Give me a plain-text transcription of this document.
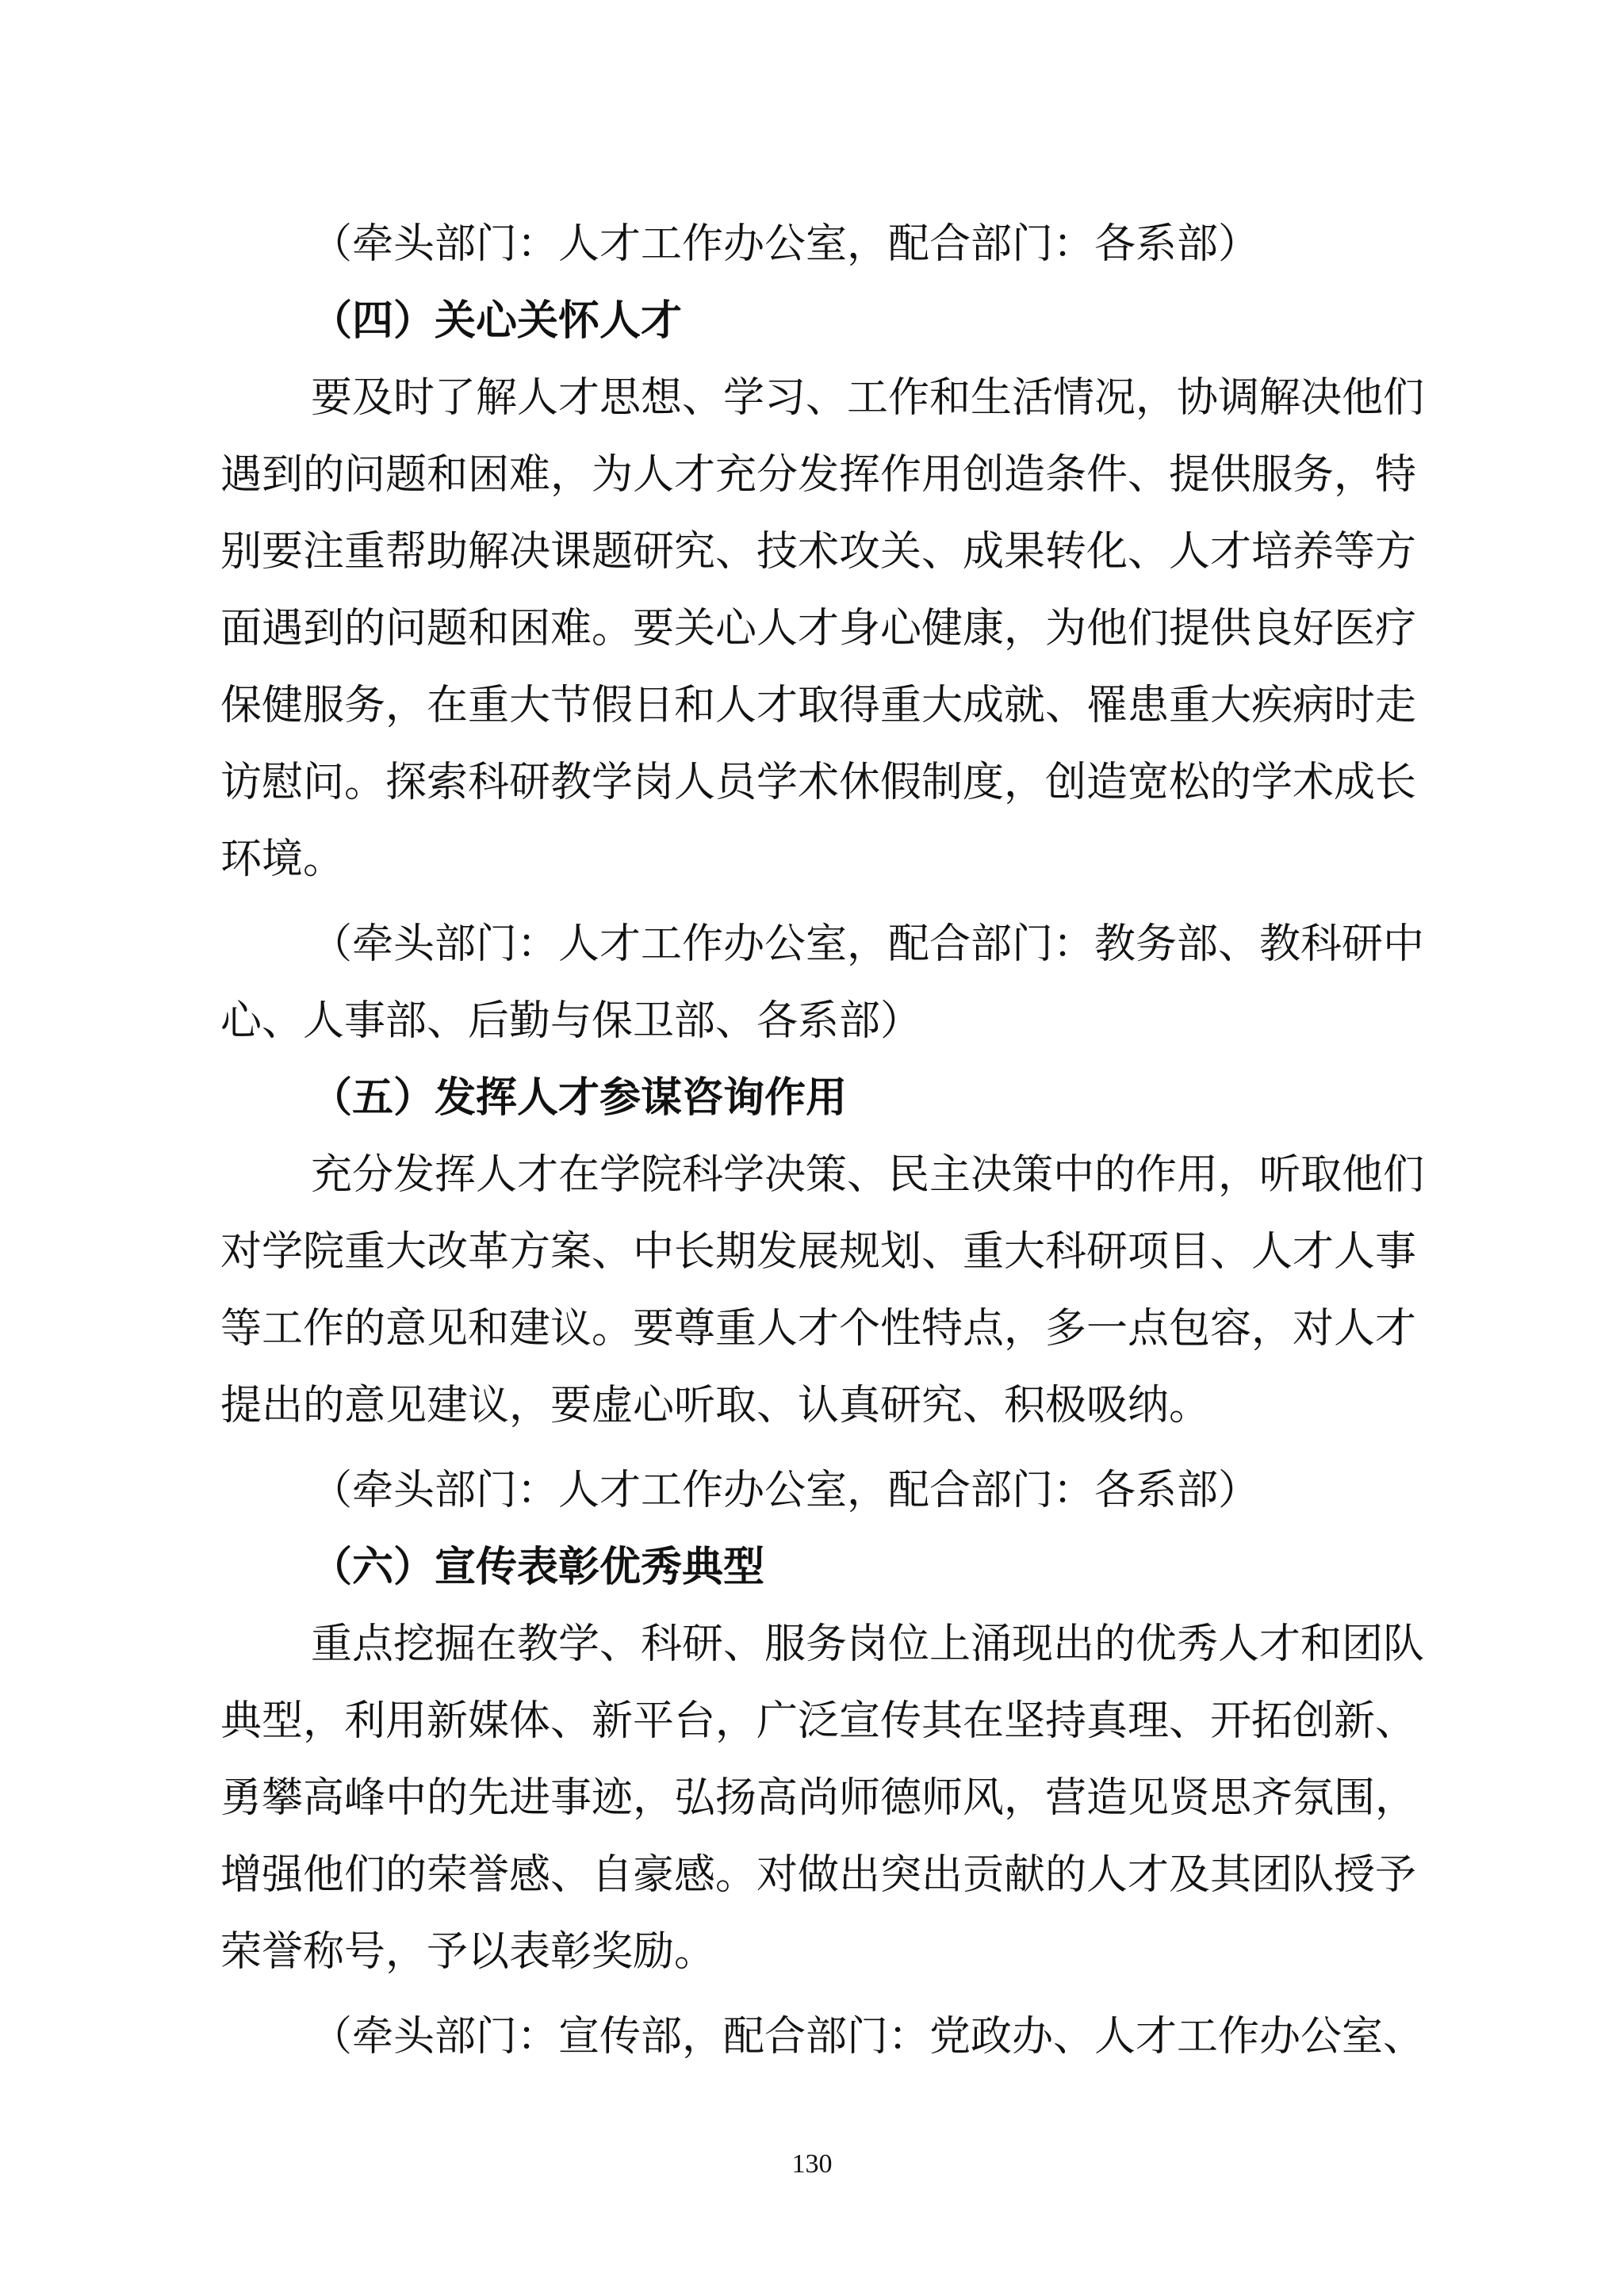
（牵头部门：人才工作办公室，配合部门：各系部）
（四）关心关怀人才
要及时了解人才思想、学习、工作和生活情况，协调解决他们
遇到的问题和困难，为人才充分发挥作用创造条件、提供服务，特
别要注重帮助解决课题研究、技术攻关、成果转化、人才培养等方
面遇到的问题和困难。要关心人才身心健康，为他们提供良好医疗
保健服务，在重大节假日和人才取得重大成就、罹患重大疾病时走
访慰问。探索科研教学岗人员学术休假制度，创造宽松的学术成长
环境。
（牵头部门：人才工作办公室，配合部门：教务部、教科研中
心、人事部、后勤与保卫部、各系部）
（五）发挥人才参谋咨询作用
充分发挥人才在学院科学决策、民主决策中的作用，听取他们
对学院重大改革方案、中长期发展规划、重大科研项目、人才人事
等工作的意见和建议。要尊重人才个性特点，多一点包容，对人才
提出的意见建议，要虚心听取、认真研究、积极吸纳。
（牵头部门：人才工作办公室，配合部门：各系部）
（六）宣传表彰优秀典型
重点挖掘在教学、科研、服务岗位上涌现出的优秀人才和团队
典型，利用新媒体、新平台，广泛宣传其在坚持真理、开拓创新、
勇攀高峰中的先进事迹，弘扬高尚师德师风，营造见贤思齐氛围，
增强他们的荣誉感、自豪感。对做出突出贡献的人才及其团队授予
荣誉称号，予以表彰奖励。
（牵头部门：宣传部，配合部门：党政办、人才工作办公室、
130
